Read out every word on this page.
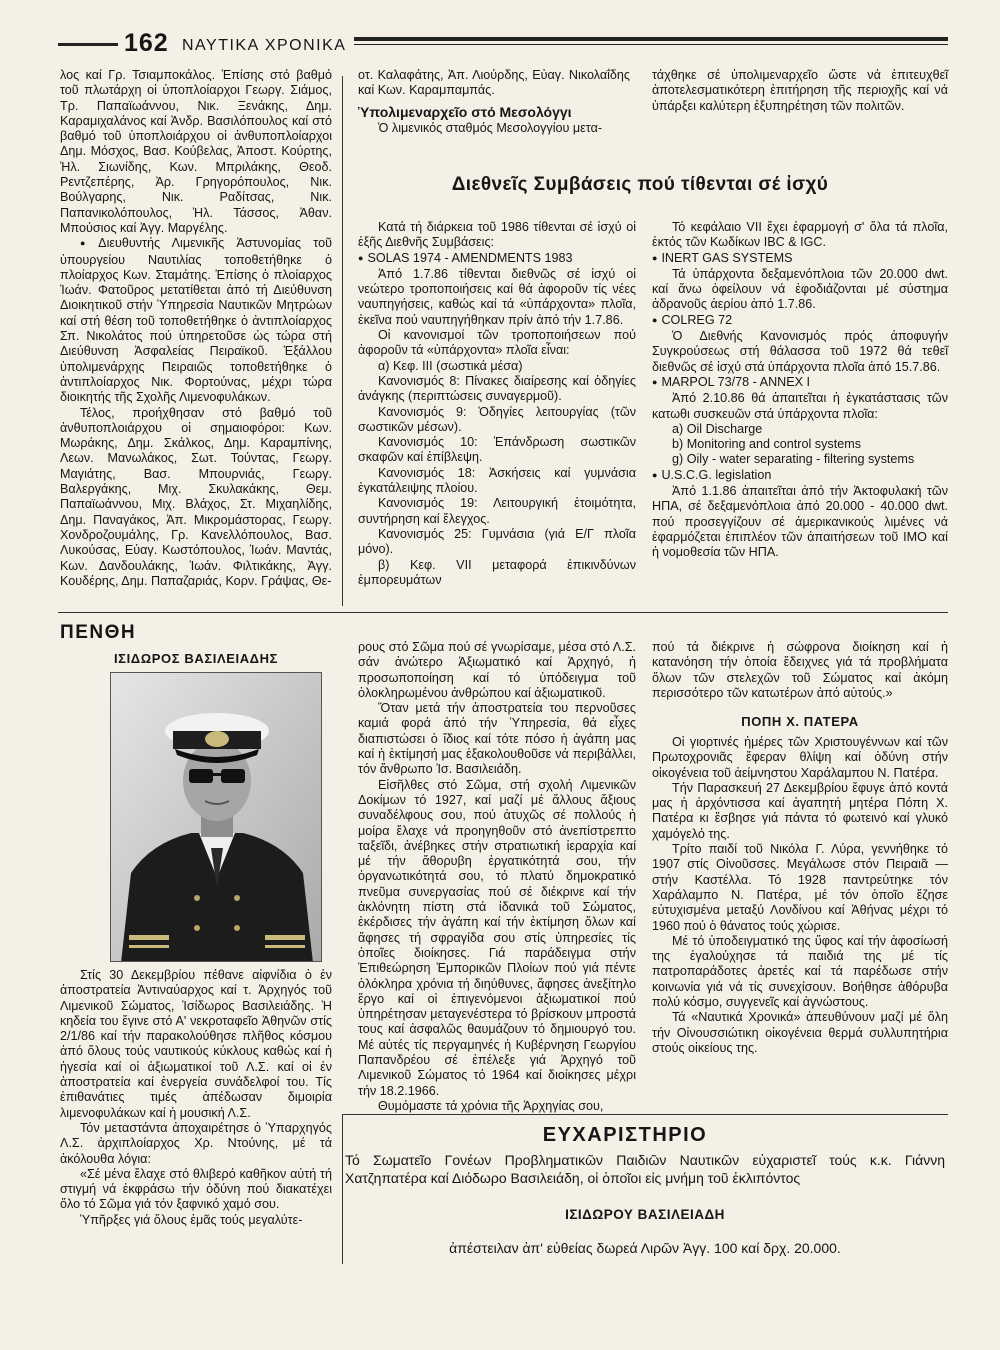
162 ΝΑΥΤΙΚΑ ΧΡΟΝΙΚΑ

λος καί Γρ. Τσιαμποκάλος. Ἐπίσης στό βαθμό τοῦ πλωτάρχη οἱ ὑποπλοίαρχοι Γεωργ. Σιάμος, Τρ. Παπαϊωάννου, Νικ. Ξενάκης, Δημ. Καραμιχαλάνος καί Ἀνδρ. Βασιλόπουλος καί στό βαθμό τοῦ ὑποπλοιάρχου οἱ ἀνθυποπλοίαρχοι Δημ. Μόσχος, Βασ. Κούβελας, Ἀποστ. Κούρτης, Ἠλ. Σιωνίδης, Κων. Μπριλάκης, Θεοδ. Ρεντζεπέρης, Ἀρ. Γρηγορόπουλος, Νικ. Βούλγαρης, Νικ. Ραδίτσας, Νικ. Παπανικολόπουλος, Ἠλ. Τάσσος, Ἀθαν. Μπούσιος καί Ἀγγ. Μαργέλης.

● Διευθυντής Λιμενικῆς Ἀστυνομίας τοῦ ὑπουργείου Ναυτιλίας τοποθετήθηκε ὁ πλοίαρχος Κων. Σταμάτης. Ἐπίσης ὁ πλοίαρχος Ἰωάν. Φατοῦρος μετατίθεται ἀπό τή Διεύθυνση Διοικητικοῦ στήν Ὑπηρεσία Ναυτικῶν Μητρώων καί στή θέση τοῦ τοποθετήθηκε ὁ ἀντιπλοίαρχος Σπ. Νικολάτος πού ὑπηρετοῦσε ὡς τώρα στή Διεύθυνση Ἀσφαλείας Πειραϊκοῦ. Ἐξάλλου ὑπολιμενάρχης Πειραιῶς τοποθετήθηκε ὁ ἀντιπλοίαρχος Νικ. Φορτούνας, μέχρι τώρα διοικητής τῆς Σχολῆς Λιμενοφυλάκων.

Τέλος, προήχθησαν στό βαθμό τοῦ ἀνθυποπλοιάρχου οἱ σημαιοφόροι: Κων. Μωράκης, Δημ. Σκάλκος, Δημ. Καραμπίνης, Λεων. Μανωλάκος, Σωτ. Τούντας, Γεωργ. Μαγιάτης, Βασ. Μπουρνιάς, Γεωργ. Βαλεργάκης, Μιχ. Σκυλακάκης, Θεμ. Παπαϊωάννου, Μιχ. Βλάχος, Στ. Μιχαηλίδης, Δημ. Παναγάκος, Ἀπ. Μικρομάστορας, Γεωργ. Χονδροζουμάλης, Γρ. Κανελλόπουλος, Βασ. Λυκούσας, Εὐαγ. Κωστόπουλος, Ἰωάν. Μαντάς, Κων. Δανδουλάκης, Ἰωάν. Φιλτικάκης, Ἀγγ. Κουδέρης, Δημ. Παπαζαριάς, Κορν. Γράψας, Θε-

οτ. Καλαφάτης, Ἀπ. Λιούρδης, Εὐαγ. Νικολαΐδης καί Κων. Καραμπαμπάς.

Ὑπολιμεναρχεῖο στό Μεσολόγγι

Ὁ λιμενικός σταθμός Μεσολογγίου μετα-

τάχθηκε σέ ὑπολιμεναρχεῖο ὥστε νά ἐπιτευχθεῖ ἀποτελεσματικότερη ἐπιτήρηση τῆς περιοχῆς καί νά ὑπάρξει καλύτερη ἐξυπηρέτηση τῶν πολιτῶν.

Διεθνεῖς Συμβάσεις πού τίθενται σέ ἰσχύ

Κατά τή διάρκεια τοῦ 1986 τίθενται σέ ἰσχύ οἱ ἑξῆς Διεθνῆς Συμβάσεις:

● SOLAS 1974 - AMENDMENTS 1983

Ἀπό 1.7.86 τίθενται διεθνῶς σέ ἰσχύ οἱ νεώτερο τροποποιήσεις καί θά ἀφοροῦν τίς νέες ναυπηγήσεις, καθώς καί τά «ὑπάρχοντα» πλοῖα, ἐκεῖνα πού ναυπηγήθηκαν πρίν ἀπό τήν 1.7.86.

Οἱ κανονισμοί τῶν τροποποιήσεων πού ἀφοροῦν τά «ὑπάρχοντα» πλοῖα εἶναι:

α) Κεφ. III (σωστικά μέσα)

Κανονισμός 8: Πίνακες διαίρεσης καί ὁδηγίες ἀνάγκης (περιπτώσεις συναγερμοῦ).

Κανονισμός 9: Ὁδηγίες λειτουργίας (τῶν σωστικῶν μέσων).

Κανονισμός 10: Ἐπάνδρωση σωστικῶν σκαφῶν καί ἐπίβλεψη.

Κανονισμός 18: Ἀσκήσεις καί γυμνάσια ἐγκατάλειψης πλοίου.

Κανονισμός 19: Λειτουργική ἑτοιμότητα, συντήρηση καί ἔλεγχος.

Κανονισμός 25: Γυμνάσια (γιά Ε/Γ πλοῖα μόνο).

β) Κεφ. VII μεταφορά ἐπικινδύνων ἐμπορευμάτων

Τό κεφάλαιο VII ἔχει ἐφαρμογή σ' ὅλα τά πλοῖα, ἐκτός τῶν Κωδίκων IBC & IGC.

● INERT GAS SYSTEMS

Τά ὑπάρχοντα δεξαμενόπλοια τῶν 20.000 dwt. καί ἄνω ὀφείλουν νά ἐφοδιάζονται μέ σύστημα ἀδρανοῦς ἀερίου ἀπό 1.7.86.

● COLREG 72

Ὁ Διεθνής Κανονισμός πρός ἀποφυγήν Συγκρούσεως στή θάλασσα τοῦ 1972 θά τεθεῖ διεθνῶς σέ ἰσχύ στά ὑπάρχοντα πλοῖα ἀπό 15.7.86.

● MARPOL 73/78 - ANNEX I

Ἀπό 2.10.86 θά ἀπαιτεῖται ἡ ἐγκατάστασις τῶν κατωθι συσκευῶν στά ὑπάρχοντα πλοῖα:

a) Oil Discharge

b) Monitoring and control systems

g) Oily - water separating - filtering systems

● U.S.C.G. legislation

Ἀπό 1.1.86 ἀπαιτεῖται ἀπό τήν Ἀκτοφυλακή τῶν ΗΠΑ, σέ δεξαμενόπλοια ἀπό 20.000 - 40.000 dwt. πού προσεγγίζουν σέ ἀμερικανικούς λιμένες νά ἐφαρμόζεται ἐπιπλέον τῶν ἀπαιτήσεων τοῦ IMO καί ἡ νομοθεσία τῶν ΗΠΑ.

ΠΕΝΘΗ
ΙΣΙΔΩΡΟΣ ΒΑΣΙΛΕΙΑΔΗΣ

Στίς 30 Δεκεμβρίου πέθανε αἰφνίδια ὁ ἐν ἀποστρατεία Ἀντιναύαρχος καί τ. Ἀρχηγός τοῦ Λιμενικοῦ Σώματος, Ἰσίδωρος Βασιλειάδης. Ἡ κηδεία του ἔγινε στό Α' νεκροταφεῖο Ἀθηνῶν στίς 2/1/86 καί τήν παρακολούθησε πλῆθος κόσμου ἀπό ὅλους τούς ναυτικούς κύκλους καθώς καί ἡ ἡγεσία καί οἱ ἀξιωματικοί τοῦ Λ.Σ. καί οἱ ἐν ἀποστρατεία καί ἐνεργεία συνάδελφοί του. Τίς ἐπιθανάτιες τιμές ἀπέδωσαν διμοιρία λιμενοφυλάκων καί ἡ μουσική Λ.Σ.

Τόν μεταστάντα ἀποχαιρέτησε ὁ Ὑπαρχηγός Λ.Σ. ἀρχιπλοίαρχος Χρ. Ντούνης, μέ τά ἀκόλουθα λόγια:

«Σέ μένα ἔλαχε στό θλιβερό καθῆκον αὐτή τή στιγμή νά ἐκφράσω τήν ὀδύνη πού διακατέχει ὅλο τό Σῶμα γιά τόν ξαφνικό χαμό σου.

Ὑπῆρξες γιά ὅλους ἐμᾶς τούς μεγαλύτε-

ρους στό Σῶμα πού σέ γνωρίσαμε, μέσα στό Λ.Σ. σάν ἀνώτερο Ἀξιωματικό καί Ἀρχηγό, ἡ προσωποποίηση καί τό ὑπόδειγμα τοῦ ὁλοκληρωμένου ἀνθρώπου καί ἀξιωματικοῦ.

Ὅταν μετά τήν ἀποστρατεία του περνοῦσες καμιά φορά ἀπό τήν Ὑπηρεσία, θά εἶχες διαπιστώσει ὁ ἴδιος καί τότε πόσο ἡ ἀγάπη μας καί ἡ ἐκτίμησή μας ἐξακολουθοῦσε νά περιβάλλει, τόν ἄνθρωπο Ἰσ. Βασιλειάδη.

Εἰσῆλθες στό Σῶμα, στή σχολή Λιμενικῶν Δοκίμων τό 1927, καί μαζί μέ ἄλλους ἄξιους συναδέλφους σου, πού ἀτυχῶς σέ πολλούς ἡ μοίρα ἔλαχε νά προηγηθοῦν στό ἀνεπίστρεπτο ταξεῖδι, ἀνέβηκες στήν στρατιωτική ἱεραρχία καί μέ τήν ἄθορυβη ἐργατικότητά σου, τήν ὀργανωτικότητά σου, τό πλατύ δημοκρατικό πνεῦμα συνεργασίας πού σέ διέκρινε καί τήν ἀκλόνητη πίστη στά ἰδανικά τοῦ Σώματος, ἐκέρδισες τήν ἀγάπη καί τήν ἐκτίμηση ὅλων καί ἄφησες τή σφραγίδα σου στίς ὑπηρεσίες τίς ὁποῖες διοίκησες. Γιά παράδειγμα στήν Ἐπιθεώρηση Ἐμπορικῶν Πλοίων πού γιά πέντε ὁλόκληρα χρόνια τή διηύθυνες, ἄφησες ἀνεξίτηλο ἔργο καί οἱ ἐπιγενόμενοι ἀξιωματικοί πού ὑπηρέτησαν μεταγενέστερα τό βρίσκουν μπροστά τους καί ἀσφαλῶς θαυμάζουν τό δημιουργό του. Μέ αὐτές τίς περγαμηνές ἡ Κυβέρνηση Γεωργίου Παπανδρέου σέ ἐπέλεξε γιά Ἀρχηγό τοῦ Λιμενικοῦ Σώματος τό 1964 καί διοίκησες μέχρι τήν 18.2.1966.

Θυμόμαστε τά χρόνια τῆς Ἀρχηγίας σου,

πού τά διέκρινε ἡ σώφρονα διοίκηση καί ἡ κατανόηση τήν ὁποία ἔδειχνες γιά τά προβλήματα ὅλων τῶν στελεχῶν τοῦ Σώματος καί ἀκόμη περισσότερο τῶν κατωτέρων ἀπό αὐτούς.»

ΠΟΠΗ Χ. ΠΑΤΕΡΑ

Οἱ γιορτινές ἡμέρες τῶν Χριστουγέννων καί τῶν Πρωτοχρονιᾶς ἔφεραν θλίψη καί ὀδύνη στήν οἰκογένεια τοῦ ἀείμνηστου Χαράλαμπου Ν. Πατέρα.

Τήν Παρασκευή 27 Δεκεμβρίου ἔφυγε ἀπό κοντά μας ἡ ἀρχόντισσα καί ἀγαπητή μητέρα Πόπη Χ. Πατέρα κι ἔσβησε γιά πάντα τό φωτεινό καί γλυκό χαμόγελό της.

Τρίτο παιδί τοῦ Νικόλα Γ. Λύρα, γεννήθηκε τό 1907 στίς Οἰνοῦσσες. Μεγάλωσε στόν Πειραιᾶ — στήν Καστέλλα. Τό 1928 παντρεύτηκε τόν Χαράλαμπο Ν. Πατέρα, μέ τόν ὁποῖο ἔζησε εὐτυχισμένα μεταξύ Λονδίνου καί Ἀθήνας μέχρι τό 1960 πού ὁ θάνατος τούς χώρισε.

Μέ τό ὑποδειγματικό της ὕφος καί τήν ἀφοσίωσή της ἐγαλούχησε τά παιδιά της μέ τίς πατροπαράδοτες ἀρετές καί τά παρέδωσε στήν κοινωνία γιά νά τίς συνεχίσουν. Βοήθησε ἀθόρυβα πολύ κόσμο, συγγενεῖς καί ἀγνώστους.

Τά «Ναυτικά Χρονικά» ἀπευθύνουν μαζί μέ ὅλη τήν Οἰνουσσιώτικη οἰκογένεια θερμά συλλυπητήρια στούς οἰκείους της.

ΕΥΧΑΡΙΣΤΗΡΙΟ
Τό Σωματεῖο Γονέων Προβληματικῶν Παιδιῶν Ναυτικῶν εὐχαριστεῖ τούς κ.κ. Γιάννη Χατζηπατέρα καί Διόδωρο Βασιλειάδη, οἱ ὁποῖοι εἰς μνήμη τοῦ ἐκλιπόντος
ΙΣΙΔΩΡΟΥ ΒΑΣΙΛΕΙΑΔΗ
ἀπέστειλαν ἀπ' εὐθείας δωρεά Λιρῶν Ἀγγ. 100 καί δρχ. 20.000.
